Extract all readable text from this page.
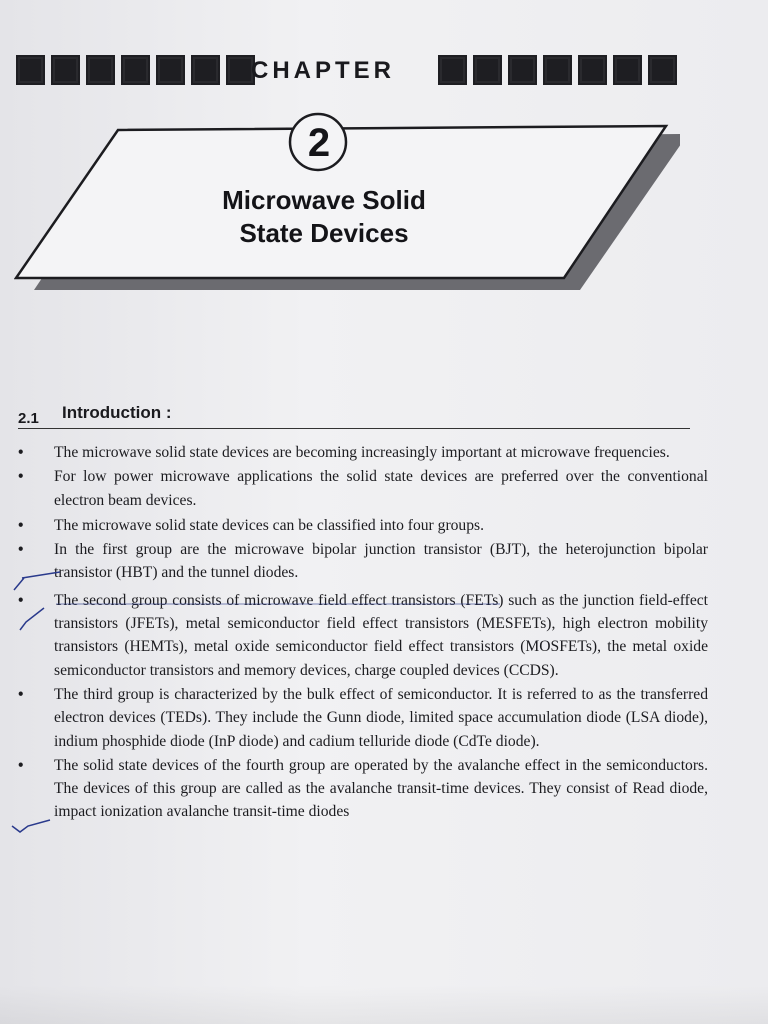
CHAPTER
2
Microwave Solid
State Devices
2.1 Introduction :
• The microwave solid state devices are becoming increasingly important at microwave frequencies.
• For low power microwave applications the solid state devices are preferred over the conventional electron beam devices.
• The microwave solid state devices can be classified into four groups.
• In the first group are the microwave bipolar junction transistor (BJT), the heterojunction bipolar transistor (HBT) and the tunnel diodes.
• The second group consists of microwave field effect transistors (FETs) such as the junction field-effect transistors (JFETs), metal semiconductor field effect transistors (MESFETs), high electron mobility transistors (HEMTs), metal oxide semiconductor field effect transistors (MOSFETs), the metal oxide semiconductor transistors and memory devices, charge coupled devices (CCDS).
• The third group is characterized by the bulk effect of semiconductor. It is referred to as the transferred electron devices (TEDs). They include the Gunn diode, limited space accumulation diode (LSA diode), indium phosphide diode (InP diode) and cadium telluride diode (CdTe diode).
• The solid state devices of the fourth group are operated by the avalanche effect in the semiconductors. The devices of this group are called as the avalanche transit-time devices. They consist of Read diode, impact ionization avalanche transit-time diodes
